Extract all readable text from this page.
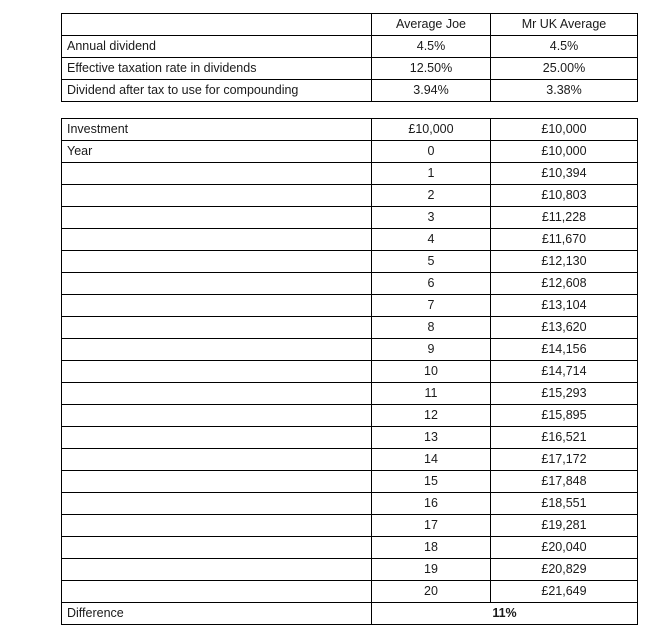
	Average Joe	Mr UK Average
Annual dividend	4.5%	4.5%
Effective taxation rate in dividends	12.50%	25.00%
Dividend after tax to use for compounding	3.94%	3.38%
Investment	£10,000	£10,000	
Year	0	£10,000	
	1	£10,394	
	2	£10,803	
	3	£11,228	
	4	£11,670	
	5	£12,130	
	6	£12,608	
	7	£13,104	
	8	£13,620	
	9	£14,156	
	10	£14,714	
	11	£15,293	
	12	£15,895	
	13	£16,521	
	14	£17,172	
	15	£17,848	
	16	£18,551	
	17	£19,281	
	18	£20,040	
	19	£20,829	
	20	£21,649	
Difference	11%		
